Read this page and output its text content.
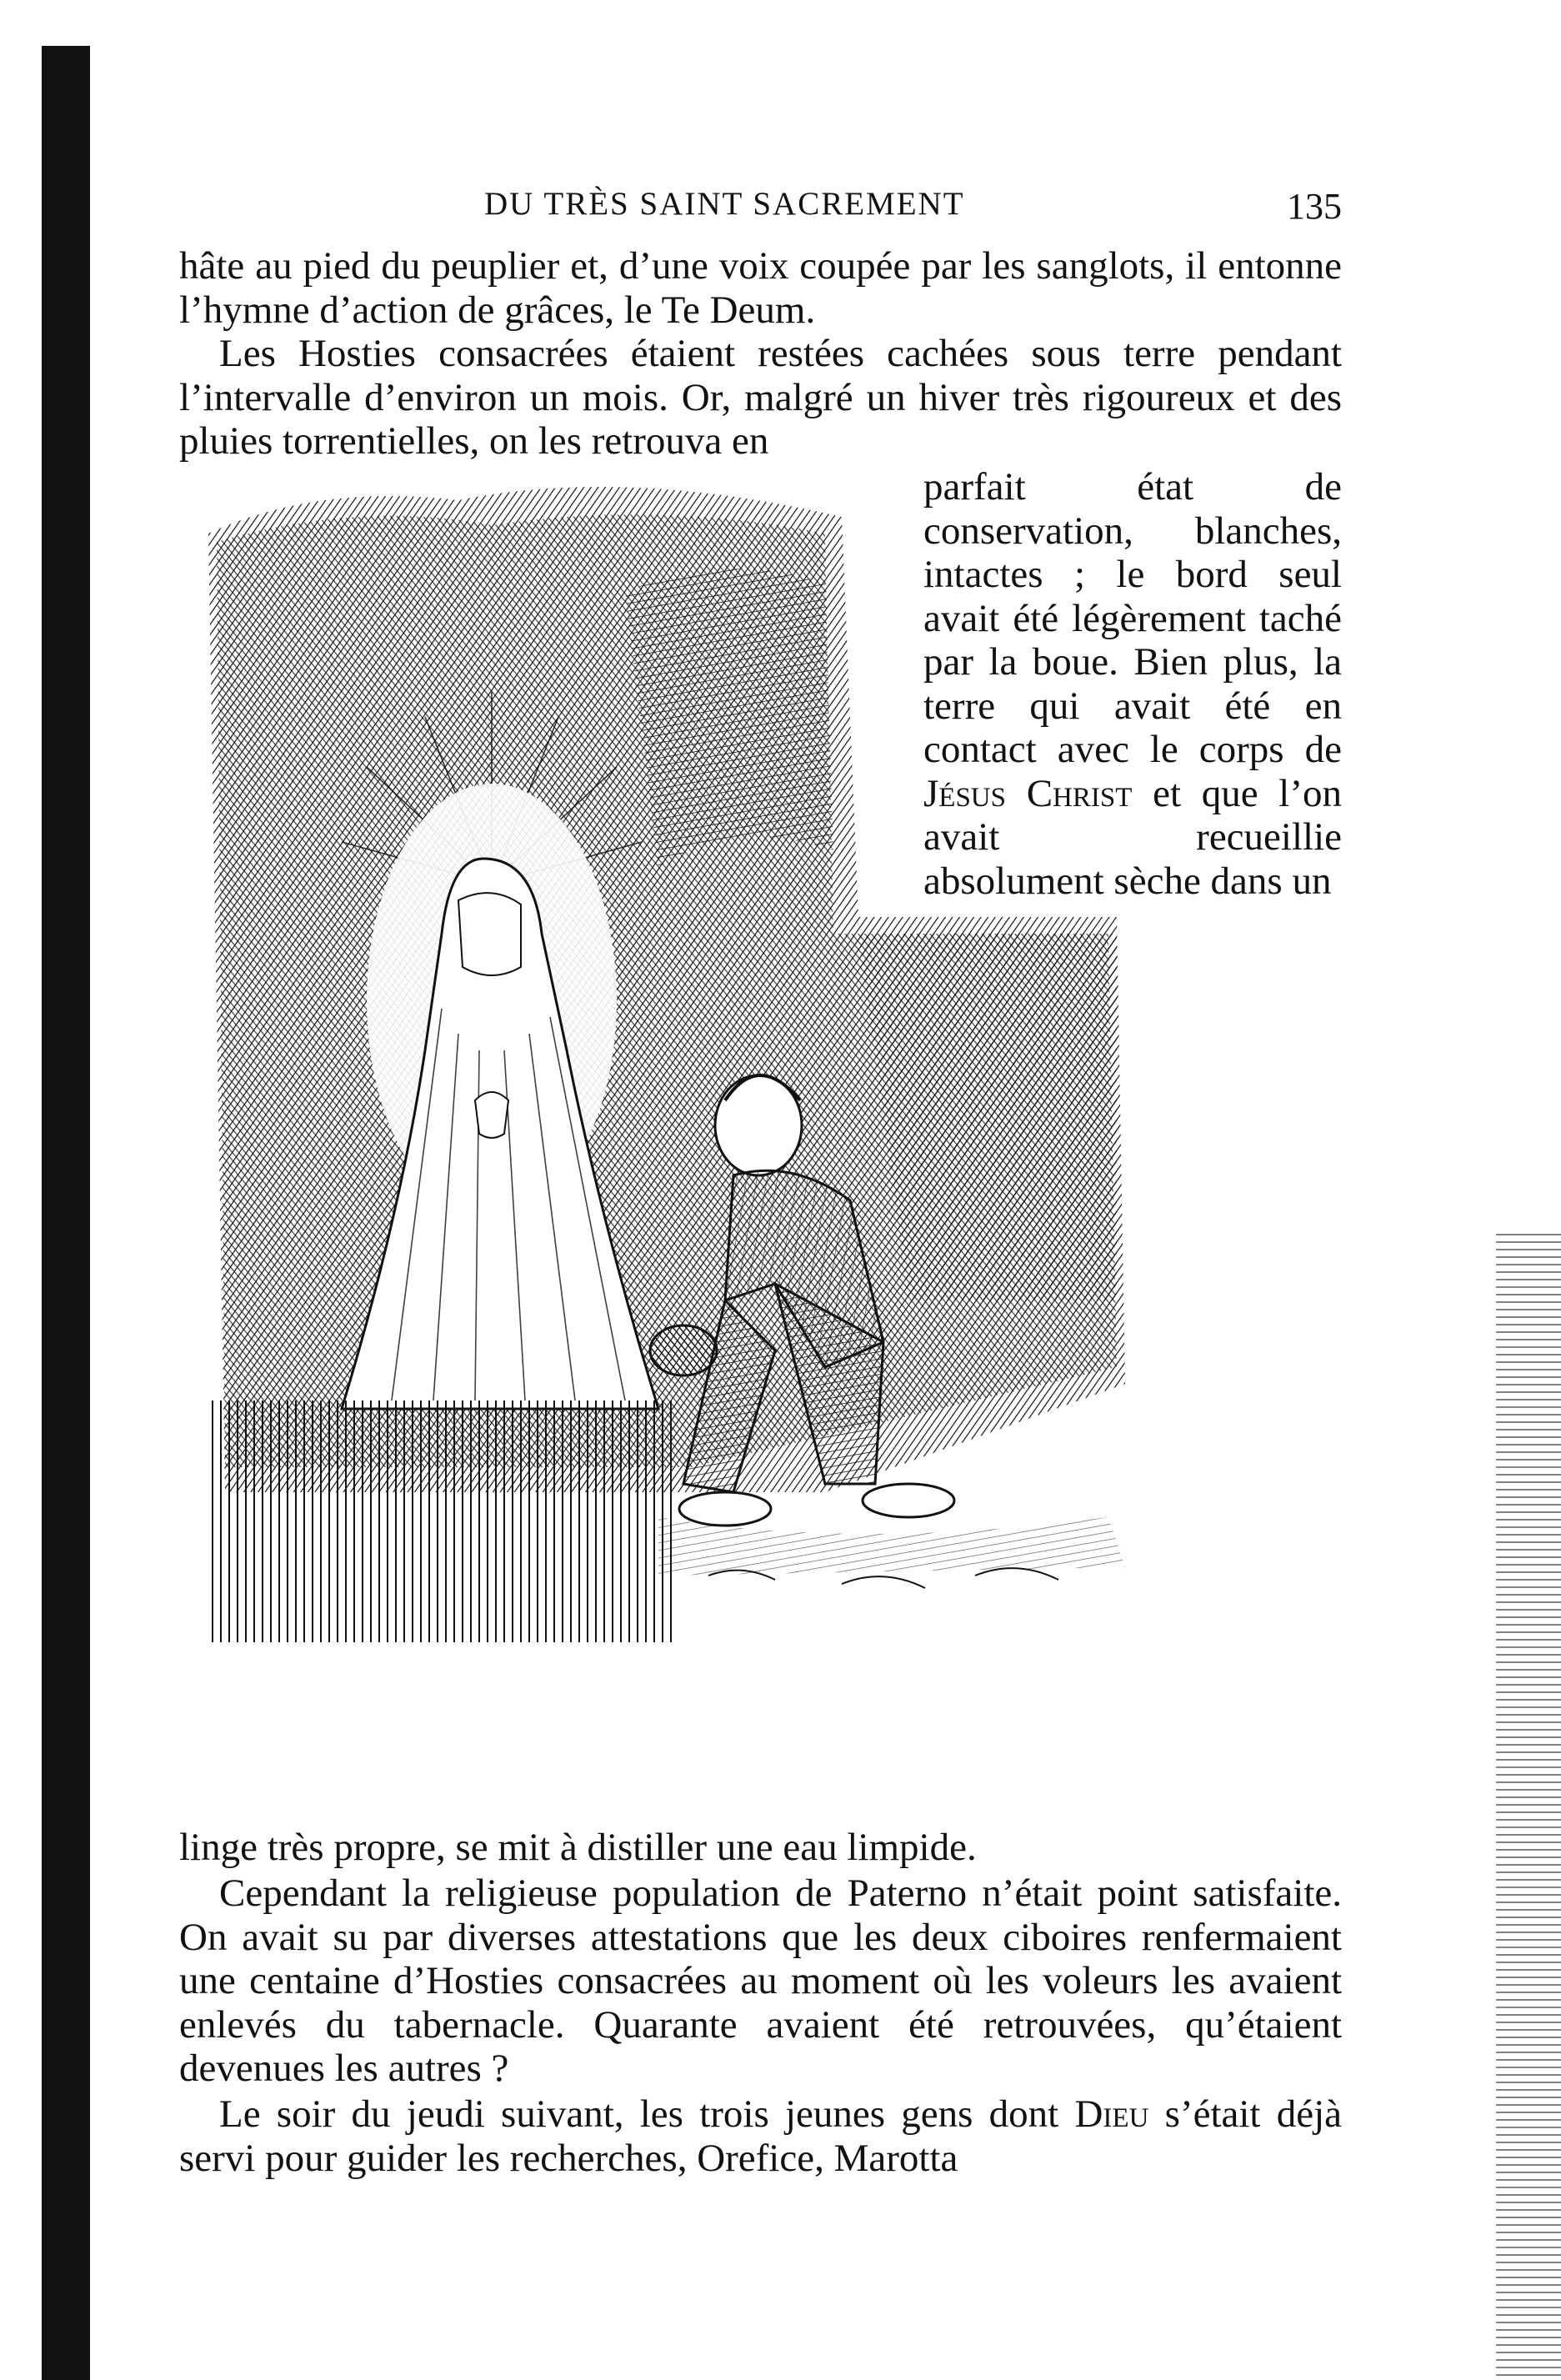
DU TRÈS SAINT SACREMENT	135

hâte au pied du peuplier et, d’une voix coupée par les sanglots, il entonne l’hymne d’action de grâces, le Te Deum.

Les Hosties consacrées étaient restées cachées sous terre pendant l’intervalle d’environ un mois. Or, malgré un hiver très rigoureux et des pluies torrentielles, on les retrouva en

parfait état de conservation, blanches, intactes ; le bord seul avait été légèrement taché par la boue. Bien plus, la terre qui avait été en contact avec le corps de Jésus Christ et que l’on avait recueillie absolument sèche dans un

linge très propre, se mit à distiller une eau limpide.

Cependant la religieuse population de Paterno n’était point satisfaite. On avait su par diverses attestations que les deux ciboires renfermaient une centaine d’Hosties consacrées au moment où les voleurs les avaient enlevés du tabernacle. Quarante avaient été retrouvées, qu’étaient devenues les autres ?

Le soir du jeudi suivant, les trois jeunes gens dont Dieu s’était déjà servi pour guider les recherches, Orefice, Marotta
